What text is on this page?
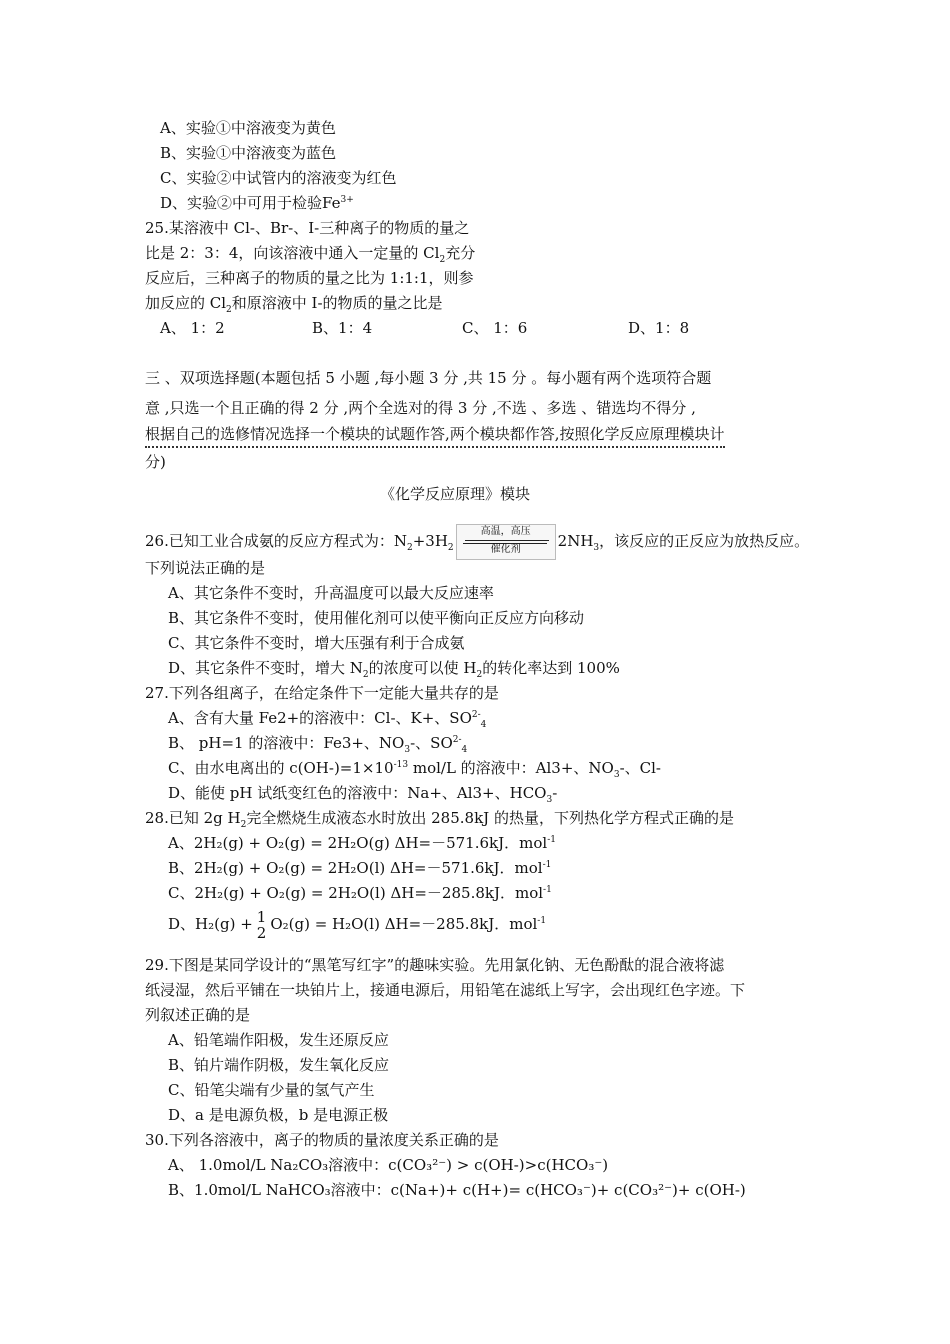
A、实验①中溶液变为黄色
B、实验①中溶液变为蓝色
C、实验②中试管内的溶液变为红色
D、实验②中可用于检验$Fe^{3+}$
25.某溶液中 Cl-、Br-、I-三种离子的物质的量之
比是 2：3：4，向该溶液中通入一定量的 $Cl_2$充分
反应后，三种离子的物质的量之比为 1:1:1，则参
加反应的 $Cl_2$和原溶液中 I-的物质的量之比是
A、 1：2	B、1：4	C、 1：6	D、1：8
三 、双项选择题(本题包括 5 小题 ,每小题 3 分 ,共 15 分 。每小题有两个选项符合题
意 ,只选一个且正确的得 2 分 ,两个全选对的得 3 分 ,不选 、多选 、错选均不得分 ,
根据自己的选修情况选择一个模块的试题作答,两个模块都作答,按照化学反应原理模块计
分)
《化学反应原理》模块
26.已知工业合成氨的反应方程式为：$N_2+3H_2$
高温，高压
催化剂	$2NH_3$，该反应的正反应为放热反应。
下列说法正确的是
A、其它条件不变时，升高温度可以最大反应速率
B、其它条件不变时，使用催化剂可以使平衡向正反应方向移动
C、其它条件不变时，增大压强有利于合成氨
D、其它条件不变时，增大 $N_2$的浓度可以使 $H_2$的转化率达到 100%
27.下列各组离子，在给定条件下一定能大量共存的是
A、含有大量 Fe2+的溶液中：Cl-、K+、$SO^{2-}_4$
B、 pH=1 的溶液中：Fe3+、$NO_3-$、$SO^{2-}_4$
C、由水电离出的 $c(OH-)=1\times 10^{-13}$ mol/L 的溶液中：Al3+、$NO_3-$、Cl-
D、能使 pH 试纸变红色的溶液中：Na+、Al3+、$HCO_3-$
28.已知 2g $H_2$完全燃烧生成液态水时放出 285.8kJ 的热量，下列热化学方程式正确的是
A、2H₂(g) + O₂(g) = 2H₂O(g) ΔH=－571.6kJ．mol$^{-1}$
B、2H₂(g) + O₂(g) = 2H₂O(l) ΔH=－571.6kJ．mol$^{-1}$
C、2H₂(g) + O₂(g) = 2H₂O(l) ΔH=－285.8kJ．mol$^{-1}$
D、H₂(g) + 1
2 O₂(g) = H₂O(l) ΔH=－285.8kJ．mol$^{-1}$
29.下图是某同学设计的“黑笔写红字”的趣味实验。先用氯化钠、无色酚酞的混合液将滤
纸浸湿，然后平铺在一块铂片上，接通电源后，用铅笔在滤纸上写字，会出现红色字迹。下
列叙述正确的是
A、铅笔端作阳极，发生还原反应
B、铂片端作阴极，发生氧化反应
C、铅笔尖端有少量的氢气产生
D、a 是电源负极，b 是电源正极
30.下列各溶液中，离子的物质的量浓度关系正确的是
A、 1.0mol/L Na₂CO₃溶液中：c(CO₃²⁻) > c(OH-)>c(HCO₃⁻)
B、1.0mol/L NaHCO₃溶液中：c(Na+)+ c(H+)= c(HCO₃⁻)+ c(CO₃²⁻)+ c(OH-)
